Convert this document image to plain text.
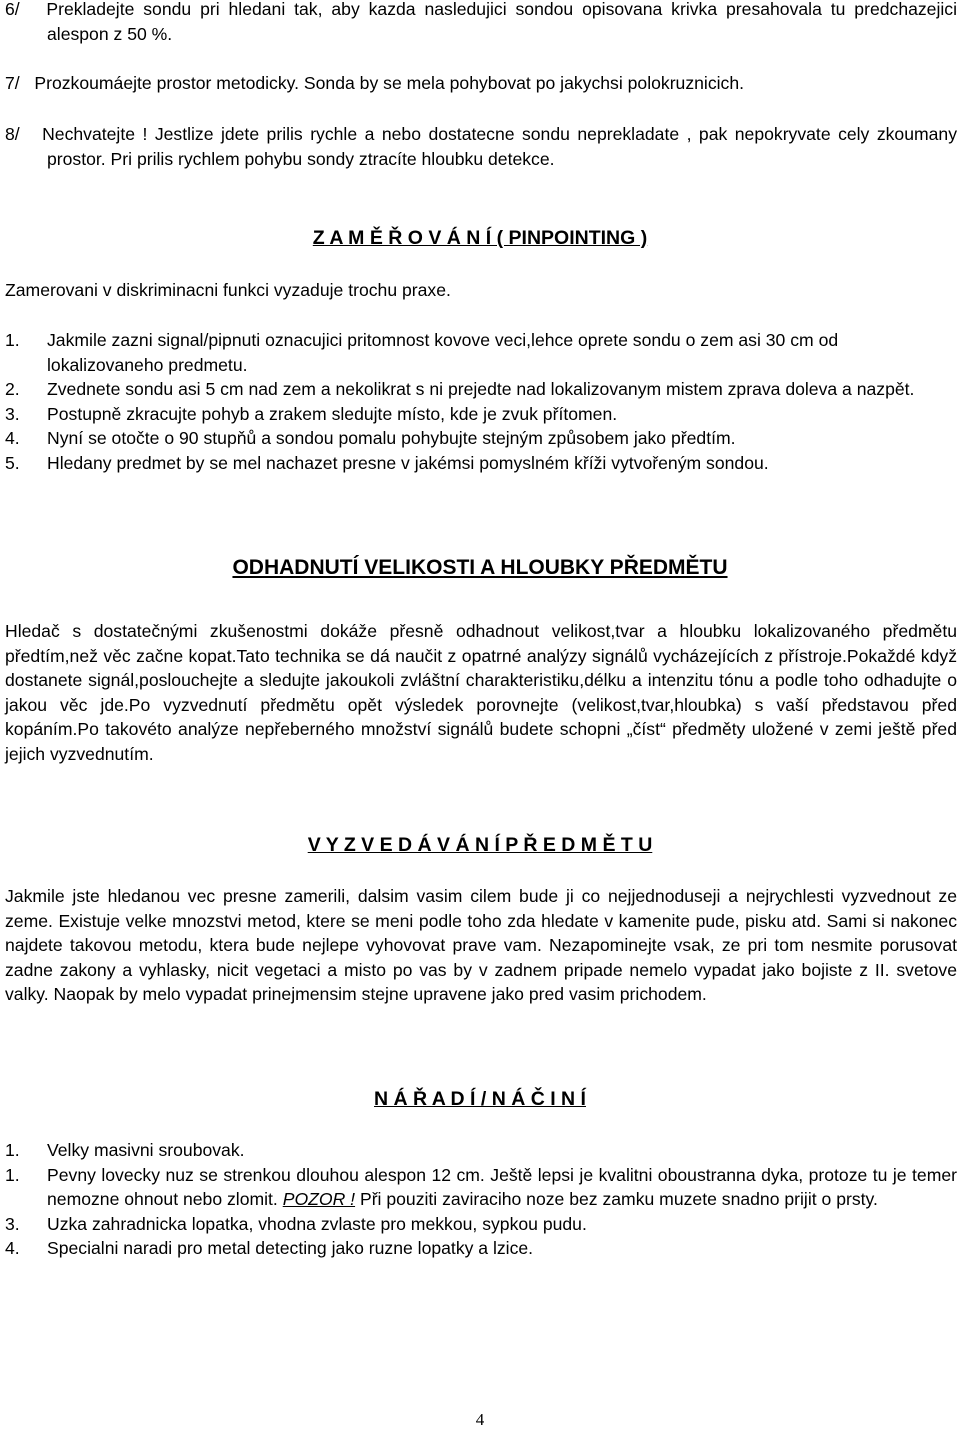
6/ Prekladejte sondu pri hledani tak, aby kazda nasledujici sondou opisovana krivka presahovala tu predchazejici alespon z 50 %.

7/ Prozkoumáejte prostor metodicky. Sonda by se mela pohybovat po jakychsi polokruznicich.

8/ Nechvatejte ! Jestlize jdete prilis rychle a nebo dostatecne sondu neprekladate , pak nepokryvate cely zkoumany prostor. Pri prilis rychlem pohybu sondy ztracíte hloubku detekce.

Z A M Ě Ř O V Á N Í ( PINPOINTING )

Zamerovani v diskriminacni funkci vyzaduje trochu praxe.

1. Jakmile zazni signal/pipnuti oznacujici pritomnost kovove veci,lehce oprete sondu o zem asi 30 cm od lokalizovaneho predmetu.
2. Zvednete sondu asi 5 cm nad zem a nekolikrat s ni prejedte nad lokalizovanym mistem zprava doleva a nazpět.
3. Postupně zkracujte pohyb a zrakem sledujte místo, kde je zvuk přítomen.
4. Nyní se otočte o 90 stupňů a sondou pomalu pohybujte stejným způsobem jako předtím.
5. Hledany predmet by se mel nachazet presne v jakémsi pomyslném kříži vytvořeným sondou.
ODHADNUTÍ VELIKOSTI A HLOUBKY PŘEDMĚTU

Hledač s dostatečnými zkušenostmi dokáže přesně odhadnout velikost,tvar a hloubku lokalizovaného předmětu předtím,než věc začne kopat.Tato technika se dá naučit z opatrné analýzy signálů vycházejících z přístroje.Pokaždé když dostanete signál,poslouchejte a sledujte jakoukoli zvláštní charakteristiku,délku a intenzitu tónu a podle toho odhadujte o jakou věc jde.Po vyzvednutí předmětu opět výsledek porovnejte (velikost,tvar,hloubka) s vaší představou před kopáním.Po takovéto analýze nepřeberného množství signálů budete schopni „číst“ předměty uložené v zemi ještě před jejich vyzvednutím.

V Y Z V E D Á V Á N Í P Ř E D M Ě T U

Jakmile jste hledanou vec presne zamerili, dalsim vasim cilem bude ji co nejjednoduseji a nejrychlesti vyzvednout ze zeme. Existuje velke mnozstvi metod, ktere se meni podle toho zda hledate v kamenite pude, pisku atd. Sami si nakonec najdete takovou metodu, ktera bude nejlepe vyhovovat prave vam. Nezapominejte vsak, ze pri tom nesmite porusovat zadne zakony a vyhlasky, nicit vegetaci a misto po vas by v zadnem pripade nemelo vypadat jako bojiste z II. svetove valky. Naopak by melo vypadat prinejmensim stejne upravene jako pred vasim prichodem.

N Á Ř A D Í / N Á Č I N Í
1. Velky masivni sroubovak.
1. Pevny lovecky nuz se strenkou dlouhou alespon 12 cm. Ještě lepsi je kvalitni oboustranna dyka, protoze tu je temer nemozne ohnout nebo zlomit. POZOR ! Při pouziti zaviraciho noze bez zamku muzete snadno prijit o prsty.
3. Uzka zahradnicka lopatka, vhodna zvlaste pro mekkou, sypkou pudu.
4. Specialni naradi pro metal detecting jako ruzne lopatky a lzice.
4
